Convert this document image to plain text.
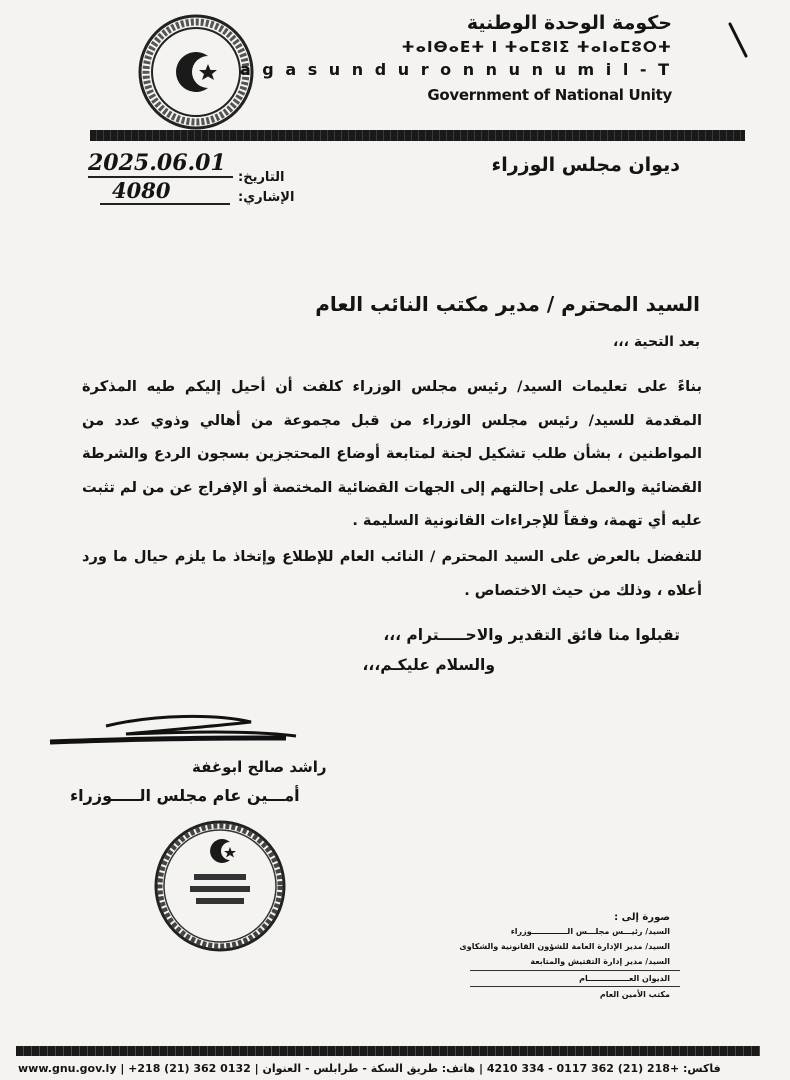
حكومة الوحدة الوطنية
ⵜⴰⵏⴱⴰⴹⵜ ⵏ ⵜⴰⵎⵓⵏⵉ ⵜⴰⵏⴰⵎⵓⵔⵜ
a g a s u n d u r o n n u n u m i l - T
Government of National Unity
ديوان مجلس الوزراء
التاريخ:
الإشاري:
2025.06.01
4080
السيد المحترم / مدير مكتب النائب العام
بعد التحية ،،،
بناءً على تعليمات السيد/ رئيس مجلس الوزراء كلفت أن أحيل إليكم طيه المذكرة المقدمة للسيد/ رئيس مجلس الوزراء من قبل مجموعة من أهالي وذوي عدد من المواطنين ، بشأن طلب تشكيل لجنة لمتابعة أوضاع المحتجزين بسجون الردع والشرطة القضائية والعمل على إحالتهم إلى الجهات القضائية المختصة أو الإفراج عن من لم تثبت عليه أي تهمة، وفقاً للإجراءات القانونية السليمة .
للتفضل بالعرض على السيد المحترم / النائب العام للإطلاع وإتخاذ ما يلزم حيال ما ورد أعلاه ، وذلك من حيث الاختصاص .
تقبلوا منا فائق التقدير والاحـــــترام ،،،
والسلام عليكـم،،،
راشد صالح ابوغفة
أمـــين عام مجلس الـــــوزراء
صورة إلى :
السيد/ رئيـــس مجلـــس الـــــــــــــوزراء
السيد/ مدير الإدارة العامة للشؤون القانونية والشكاوى
السيد/ مدير إدارة التفتيش والمتابعة
الديوان العـــــــــــــــام
مكتب الأمين العام
www.gnu.gov.ly | +218 (21) 362 0132 | فاكس: +218 (21) 362 0117 - 334 4210 | هاتف: طريق السكة - طرابلس - العنوان
